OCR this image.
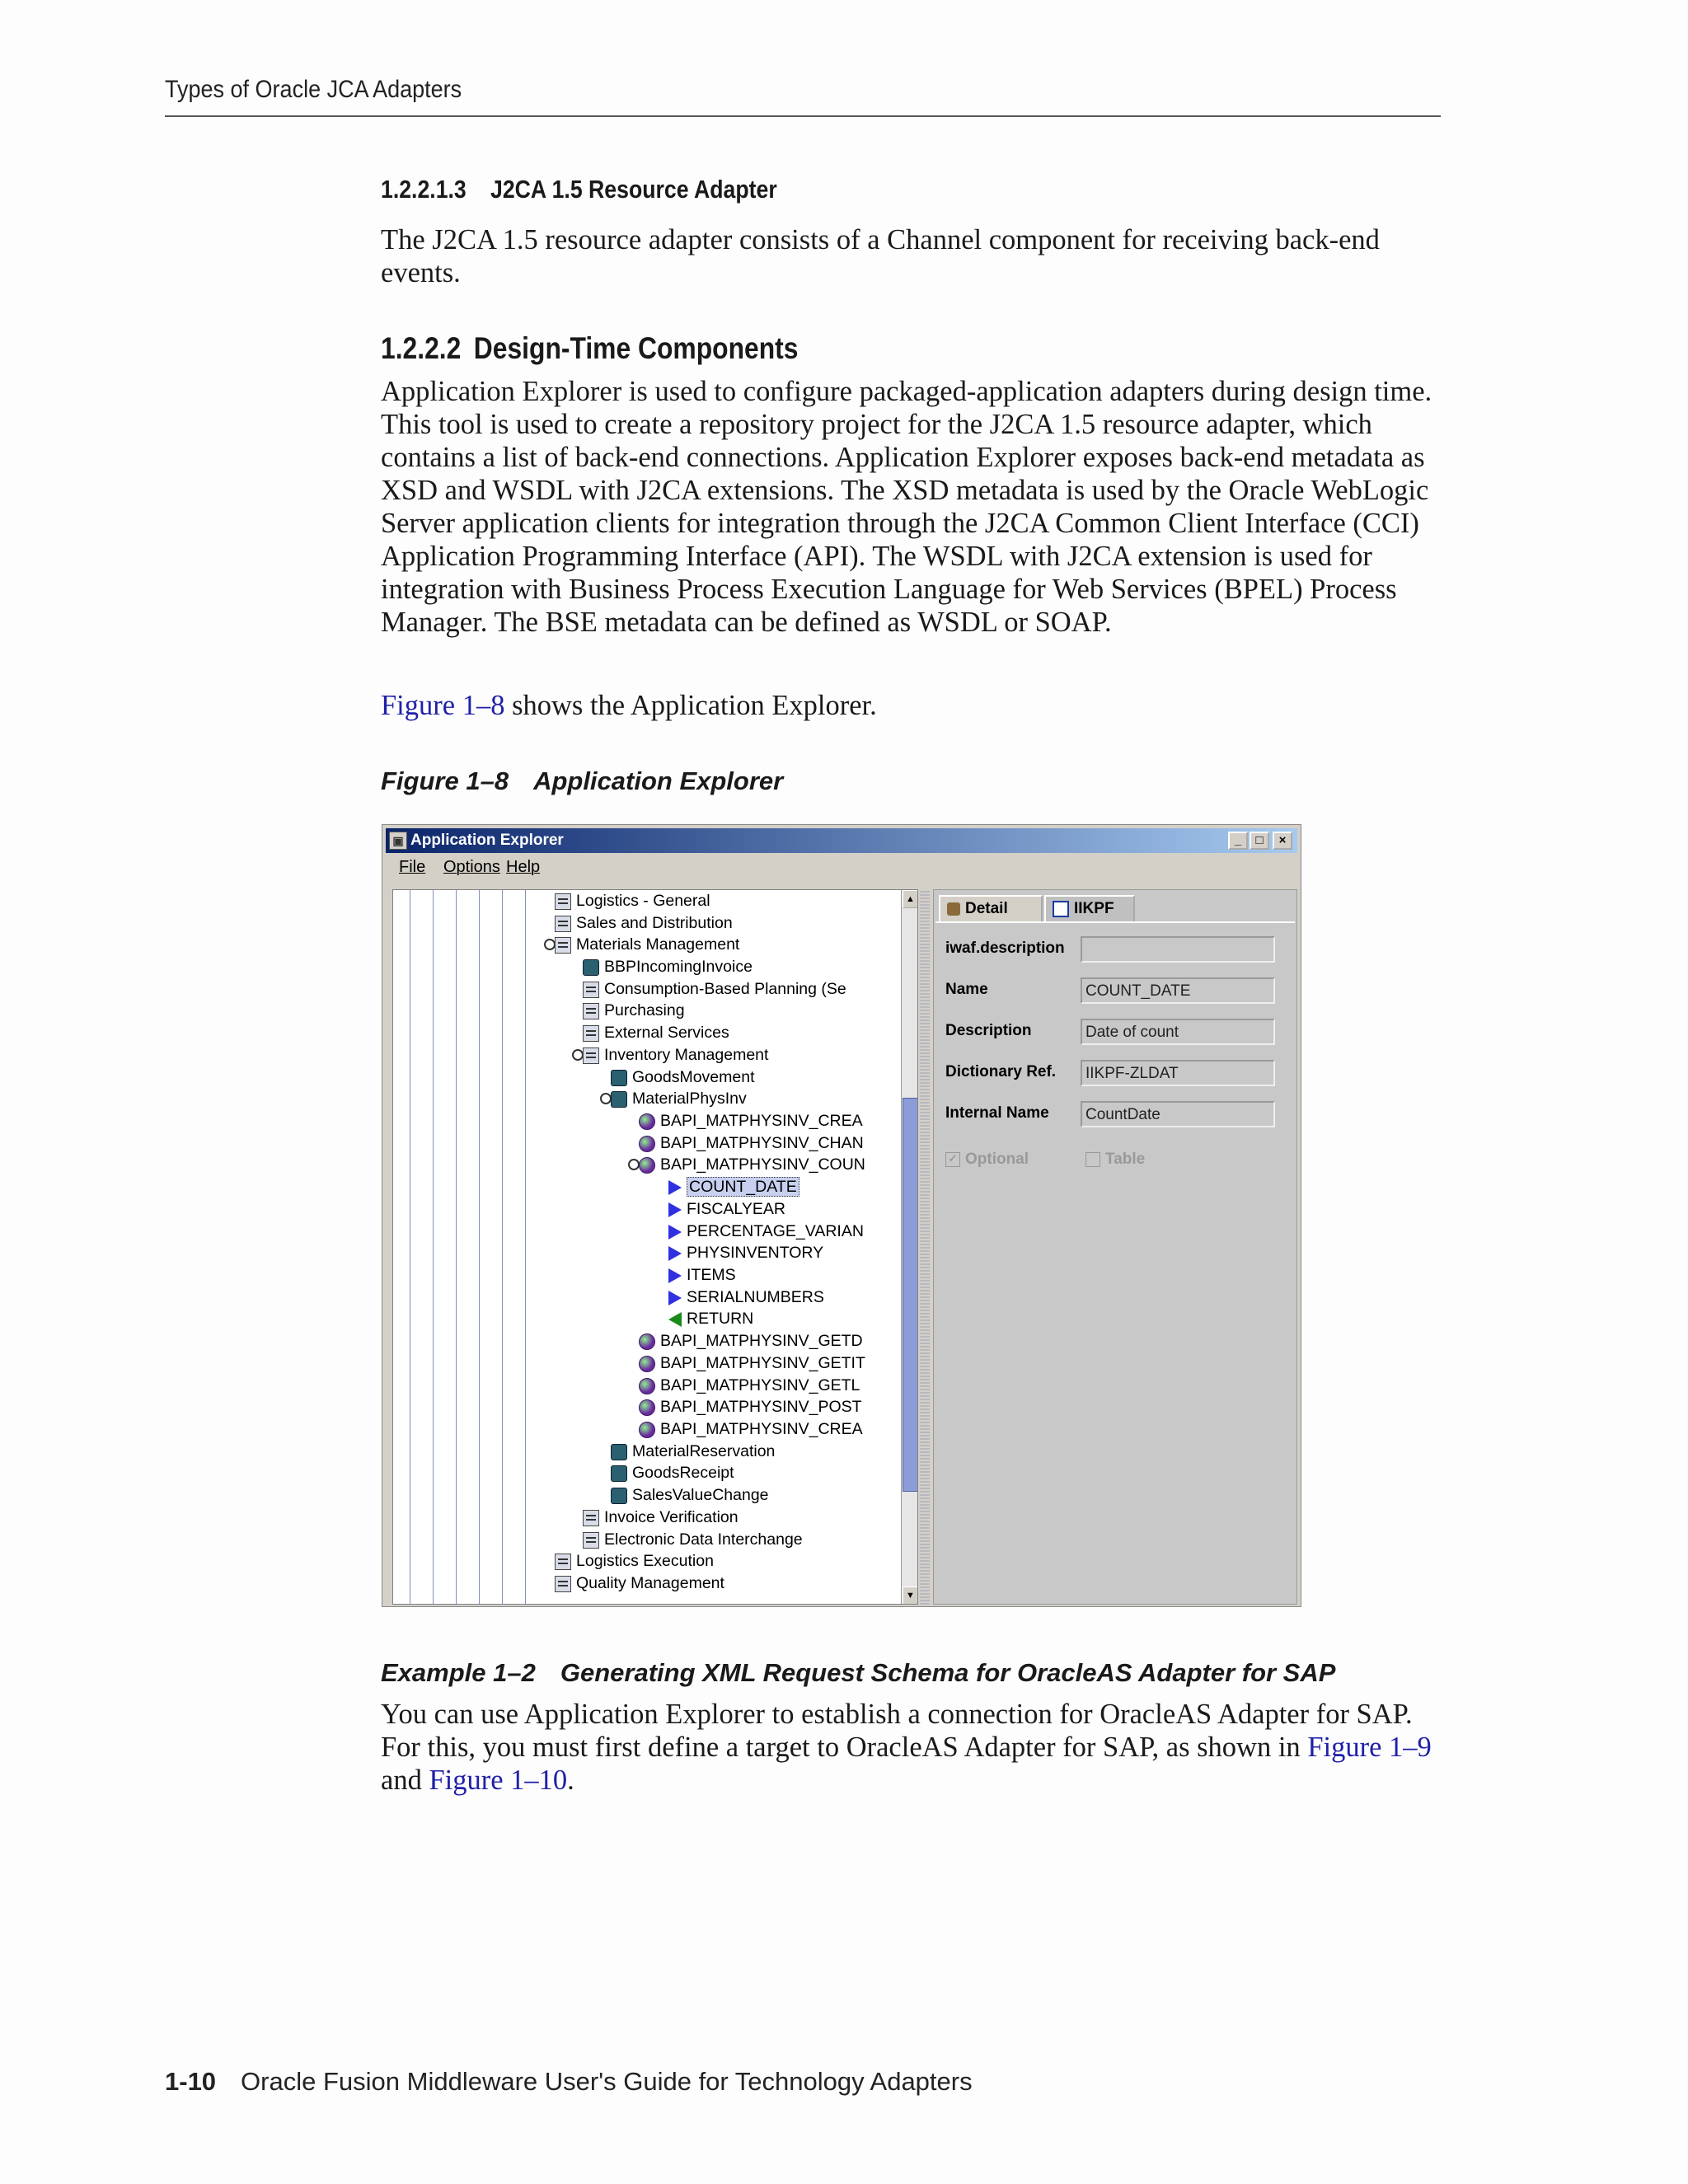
Types of Oracle JCA Adapters
1.2.2.1.3 J2CA 1.5 Resource Adapter
The J2CA 1.5 resource adapter consists of a Channel component for receiving back-end events.
1.2.2.2 Design-Time Components
Application Explorer is used to configure packaged-application adapters during design time. This tool is used to create a repository project for the J2CA 1.5 resource adapter, which contains a list of back-end connections. Application Explorer exposes back-end metadata as XSD and WSDL with J2CA extensions. The XSD metadata is used by the Oracle WebLogic Server application clients for integration through the J2CA Common Client Interface (CCI) Application Programming Interface (API). The WSDL with J2CA extension is used for integration with Business Process Execution Language for Web Services (BPEL) Process Manager. The BSE metadata can be defined as WSDL or SOAP.
Figure 1–8 shows the Application Explorer.
Figure 1–8 Application Explorer
▣ Application Explorer	_	□	×
File Options Help
Logistics - General
Sales and Distribution
Materials Management
BBPIncomingInvoice
Consumption-Based Planning (Se
Purchasing
External Services
Inventory Management
GoodsMovement
MaterialPhysInv
BAPI_MATPHYSINV_CREA
BAPI_MATPHYSINV_CHAN
BAPI_MATPHYSINV_COUN
COUNT_DATE
FISCALYEAR
PERCENTAGE_VARIAN
PHYSINVENTORY
ITEMS
SERIALNUMBERS
RETURN
BAPI_MATPHYSINV_GETD
BAPI_MATPHYSINV_GETIT
BAPI_MATPHYSINV_GETL
BAPI_MATPHYSINV_POST
BAPI_MATPHYSINV_CREA
MaterialReservation
GoodsReceipt
SalesValueChange
Invoice Verification
Electronic Data Interchange
Logistics Execution
Quality Management
▲
▼
Detail	IIKPF
iwaf.description
Name	COUNT_DATE
Description	Date of count
Dictionary Ref.	IIKPF-ZLDAT
Internal Name	CountDate
✓ Optional	Table
Example 1–2 Generating XML Request Schema for OracleAS Adapter for SAP
You can use Application Explorer to establish a connection for OracleAS Adapter for SAP. For this, you must first define a target to OracleAS Adapter for SAP, as shown in Figure 1–9 and Figure 1–10.
1-10 Oracle Fusion Middleware User's Guide for Technology Adapters
